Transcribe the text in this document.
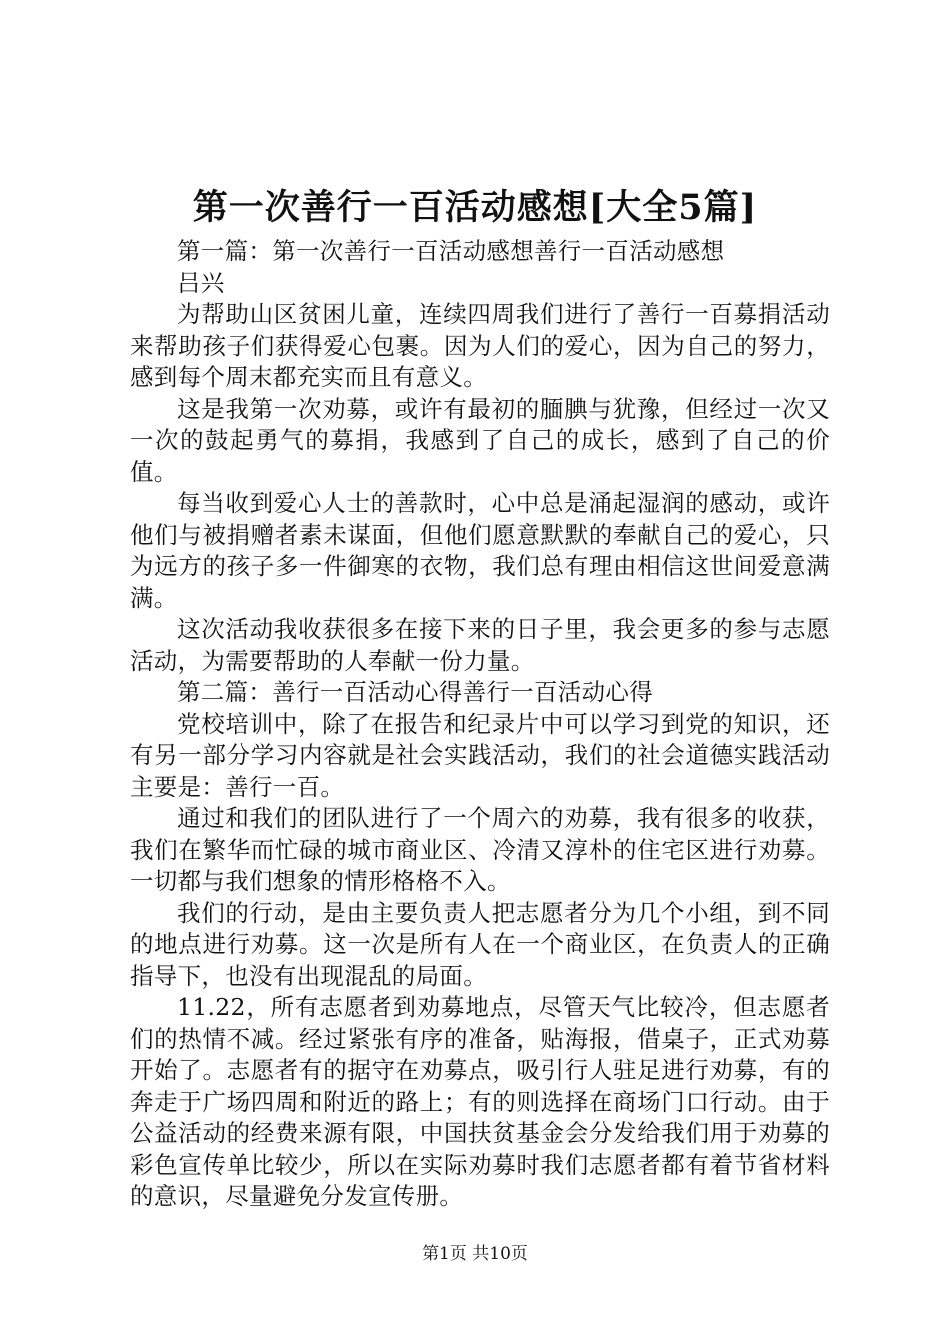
第一次善行一百活动感想[大全5篇]

第一篇：第一次善行一百活动感想善行一百活动感想

吕兴

为帮助山区贫困儿童，连续四周我们进行了善行一百募捐活动来帮助孩子们获得爱心包裹。因为人们的爱心，因为自己的努力，感到每个周末都充实而且有意义。

这是我第一次劝募，或许有最初的腼腆与犹豫，但经过一次又一次的鼓起勇气的募捐，我感到了自己的成长，感到了自己的价值。

每当收到爱心人士的善款时，心中总是涌起湿润的感动，或许他们与被捐赠者素未谋面，但他们愿意默默的奉献自己的爱心，只为远方的孩子多一件御寒的衣物，我们总有理由相信这世间爱意满满。

这次活动我收获很多在接下来的日子里，我会更多的参与志愿活动，为需要帮助的人奉献一份力量。

第二篇：善行一百活动心得善行一百活动心得

党校培训中，除了在报告和纪录片中可以学习到党的知识，还有另一部分学习内容就是社会实践活动，我们的社会道德实践活动主要是：善行一百。

通过和我们的团队进行了一个周六的劝募，我有很多的收获，我们在繁华而忙碌的城市商业区、冷清又淳朴的住宅区进行劝募。一切都与我们想象的情形格格不入。

我们的行动，是由主要负责人把志愿者分为几个小组，到不同的地点进行劝募。这一次是所有人在一个商业区，在负责人的正确指导下，也没有出现混乱的局面。

11.22，所有志愿者到劝募地点，尽管天气比较冷，但志愿者们的热情不减。经过紧张有序的准备，贴海报，借桌子，正式劝募开始了。志愿者有的据守在劝募点，吸引行人驻足进行劝募，有的奔走于广场四周和附近的路上；有的则选择在商场门口行动。由于公益活动的经费来源有限，中国扶贫基金会分发给我们用于劝募的彩色宣传单比较少，所以在实际劝募时我们志愿者都有着节省材料的意识，尽量避免分发宣传册。

第1页 共10页
